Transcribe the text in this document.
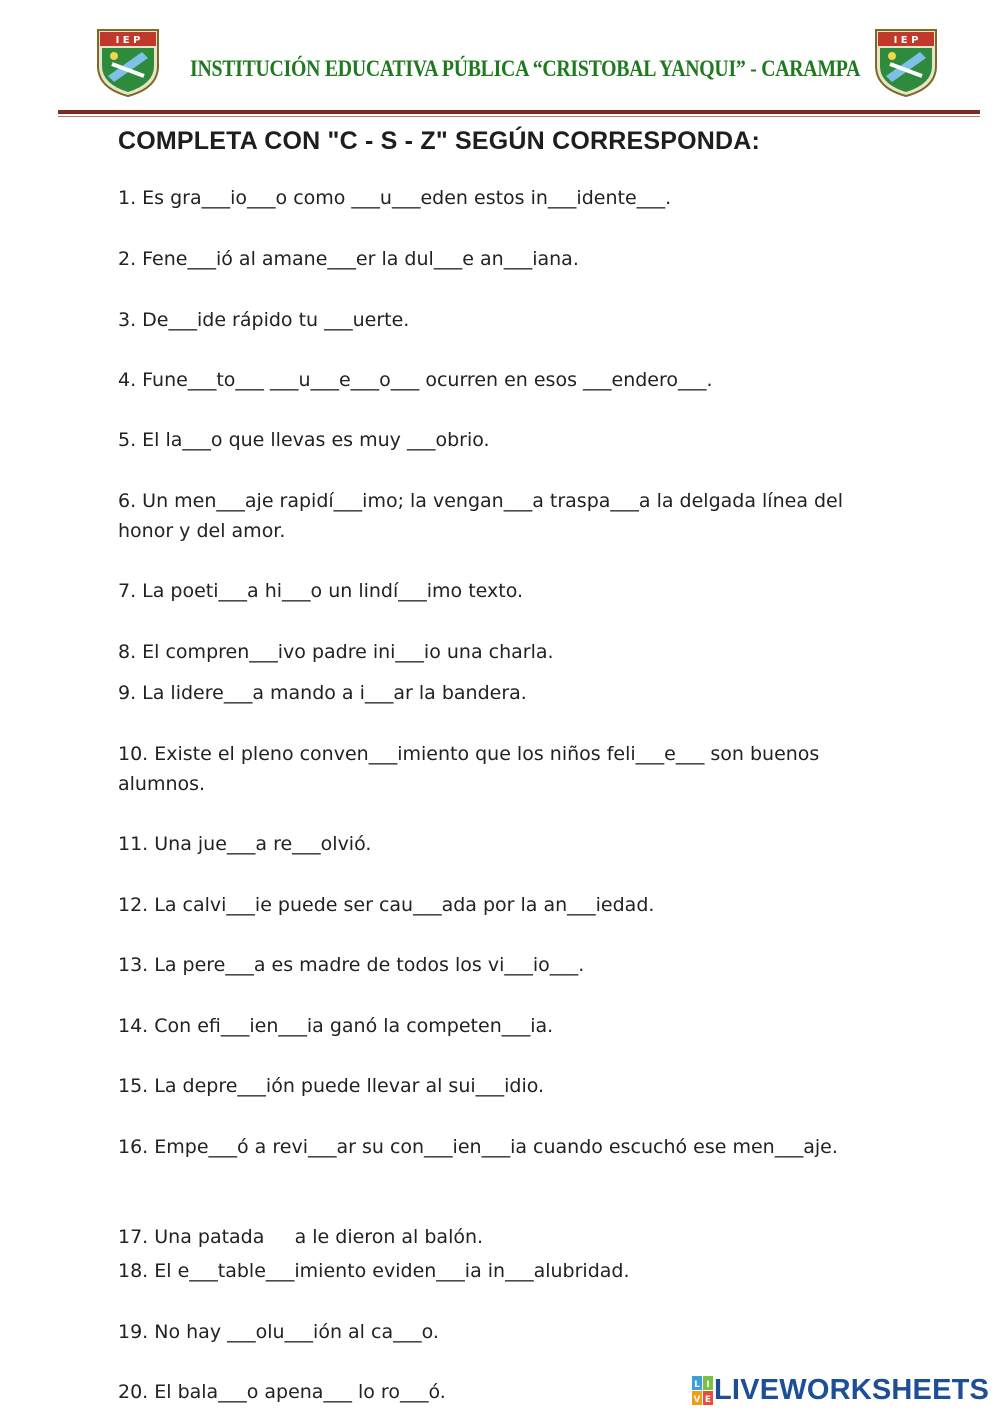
I E P	I E P
INSTITUCIÓN EDUCATIVA PÚBLICA “CRISTOBAL YANQUI” - CARAMPA
COMPLETA CON "C - S - Z" SEGÚN CORRESPONDA:

1. Es gra___io___o como ___u___eden estos in___idente___.

2. Fene___ió al amane___er la dul___e an___iana.

3. De___ide rápido tu ___uerte.

4. Fune___to___ ___u___e___o___ ocurren en esos ___endero___.

5. El la___o que llevas es muy ___obrio.

6. Un men___aje rapidí___imo; la vengan___a traspa___a la delgada línea del honor y del amor.

7. La poeti___a hi___o un lindí___imo texto.

8. El compren___ivo padre ini___io una charla.

9. La lidere___a mando a i___ar la bandera.

10. Existe el pleno conven___imiento que los niños feli___e___ son buenos alumnos.

11. Una jue___a re___olvió.

12. La calvi___ie puede ser cau___ada por la an___iedad.

13. La pere___a es madre de todos los vi___io___.

14. Con efi___ien___ia ganó la competen___ia.

15. La depre___ión puede llevar al sui___idio.

16. Empe___ó a revi___ar su con___ien___ia cuando escuchó ese men___aje.

17. Una patada     a le dieron al balón.

18. El e___table___imiento eviden___ia in___alubridad.

19. No hay ___olu___ión al ca___o.

20. El bala___o apena___ lo ro___ó.	L I
V E LIVEWORKSHEETS
